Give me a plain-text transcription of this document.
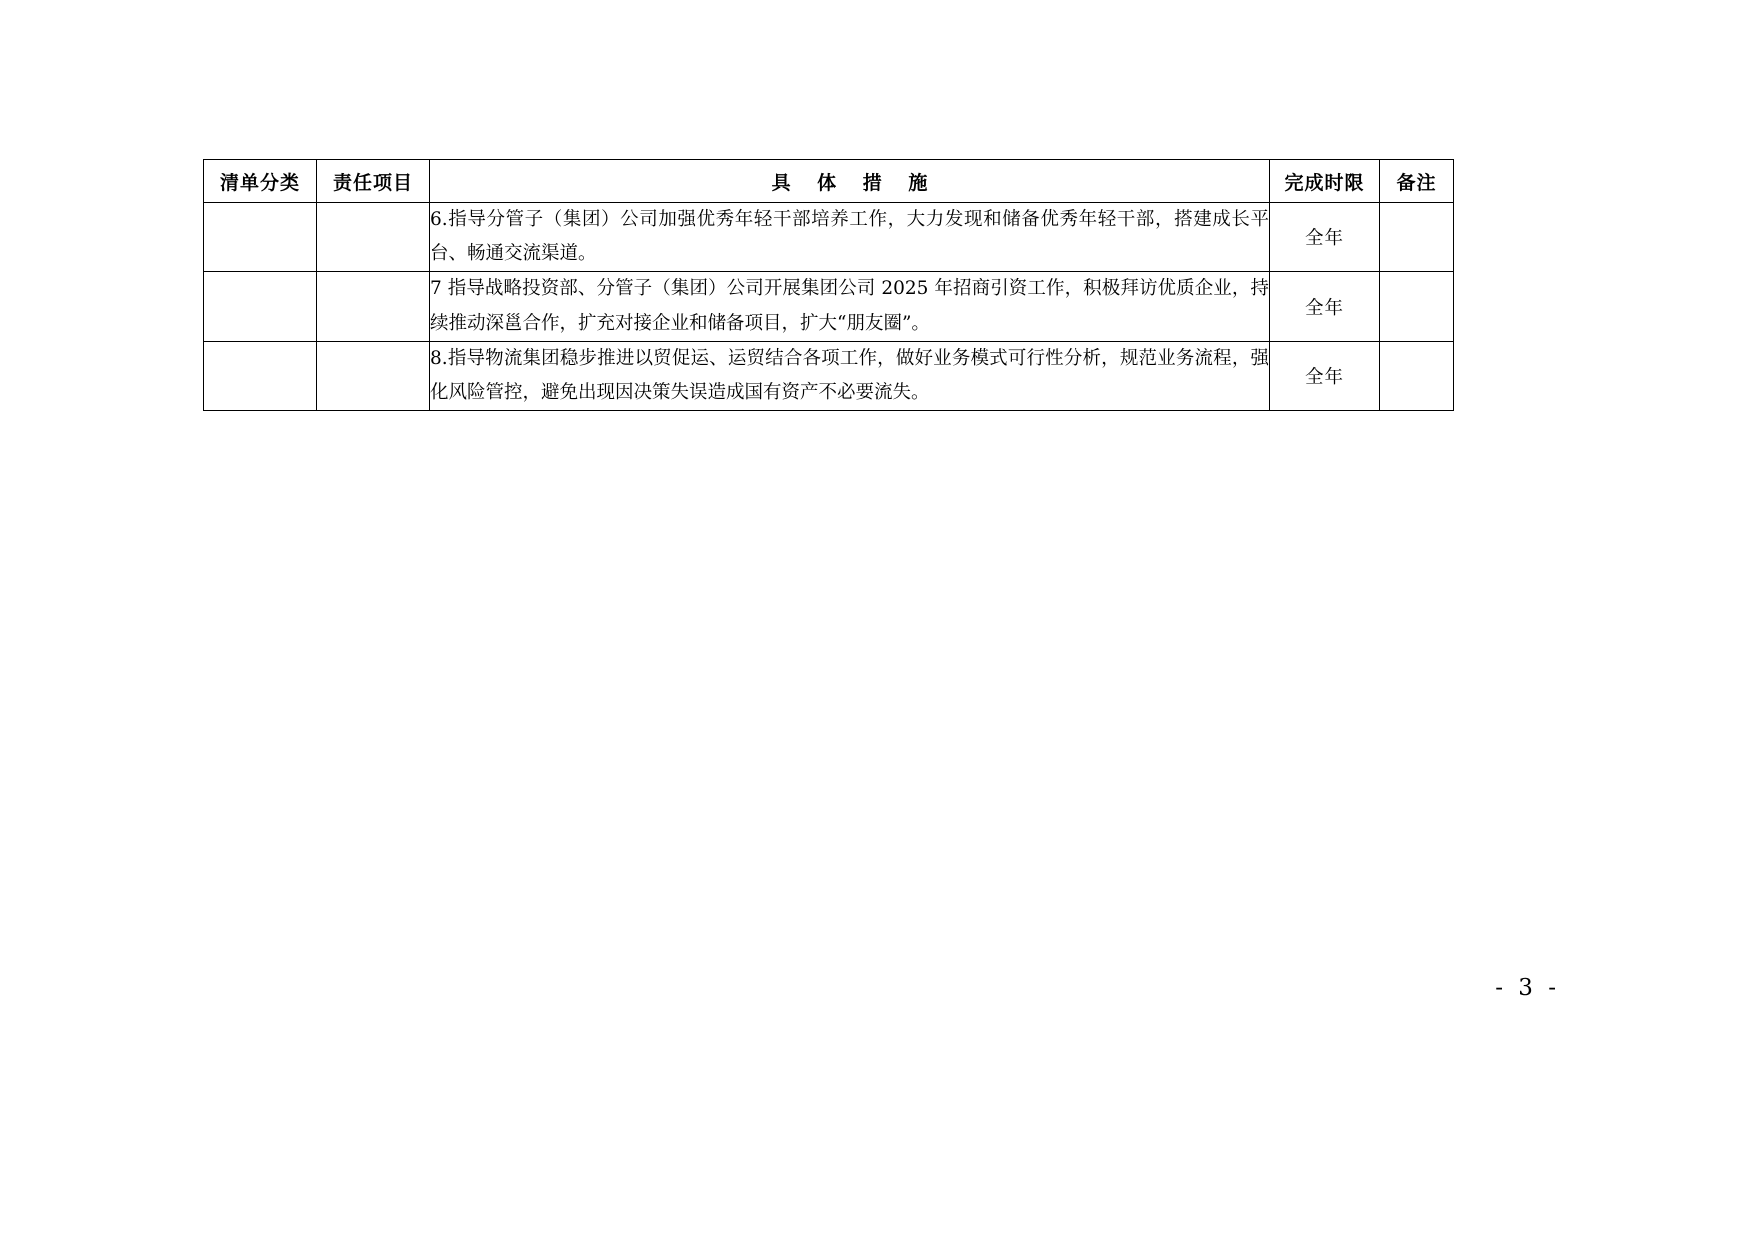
清单分类	责任项目	具 体 措 施	完成时限	备注
		6.指导分管子（集团）公司加强优秀年轻干部培养工作，大力发现和储备优秀年轻干部，搭建成长平台、畅通交流渠道。	全年	
		7 指导战略投资部、分管子（集团）公司开展集团公司 2025 年招商引资工作，积极拜访优质企业，持续推动深邕合作，扩充对接企业和储备项目，扩大“朋友圈”。	全年	
		8.指导物流集团稳步推进以贸促运、运贸结合各项工作，做好业务模式可行性分析，规范业务流程，强化风险管控，避免出现因决策失误造成国有资产不必要流失。	全年	
- 3 -
